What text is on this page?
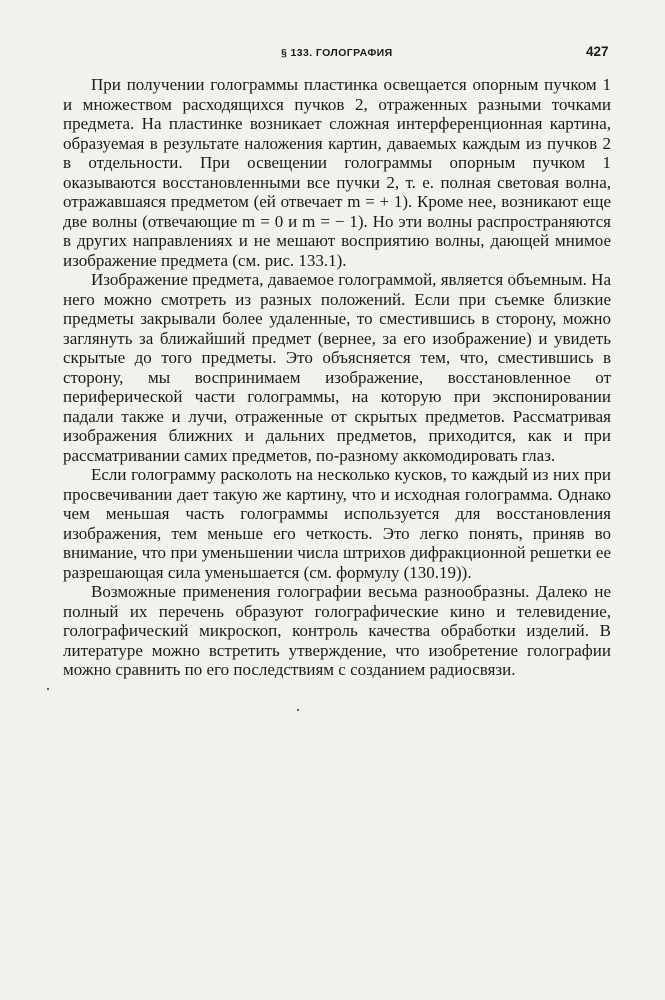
§ 133. ГОЛОГРАФИЯ	427

При получении голограммы пластинка освещается опорным пучком 1 и множеством расходящихся пучков 2, отраженных разными точками предмета. На пластинке возникает сложная интерференционная картина, образуемая в результате наложения картин, даваемых каждым из пучков 2 в отдельности. При освещении голограммы опорным пучком 1 оказываются восстановленными все пучки 2, т. е. полная световая волна, отражавшаяся предметом (ей отвечает m = + 1). Кроме нее, возникают еще две волны (отвечающие m = 0 и m = − 1). Но эти волны распространяются в других направлениях и не мешают восприятию волны, дающей мнимое изображение предмета (см. рис. 133.1).

Изображение предмета, даваемое голограммой, является объемным. На него можно смотреть из разных положений. Если при съемке близкие предметы закрывали более удаленные, то сместившись в сторону, можно заглянуть за ближайший предмет (вернее, за его изображение) и увидеть скрытые до того предметы. Это объясняется тем, что, сместившись в сторону, мы воспринимаем изображение, восстановленное от периферической части голограммы, на которую при экспонировании падали также и лучи, отраженные от скрытых предметов. Рассматривая изображения ближних и дальних предметов, приходится, как и при рассматривании самих предметов, по-разному аккомодировать глаз.

Если голограмму расколоть на несколько кусков, то каждый из них при просвечивании дает такую же картину, что и исходная голограмма. Однако чем меньшая часть голограммы используется для восстановления изображения, тем меньше его четкость. Это легко понять, приняв во внимание, что при уменьшении числа штрихов дифракционной решетки ее разрешающая сила уменьшается (см. формулу (130.19)).

Возможные применения голографии весьма разнообразны. Далеко не полный их перечень образуют голографические кино и телевидение, голографический микроскоп, контроль качества обработки изделий. В литературе можно встретить утверждение, что изобретение голографии можно сравнить по его последствиям с созданием радиосвязи.
